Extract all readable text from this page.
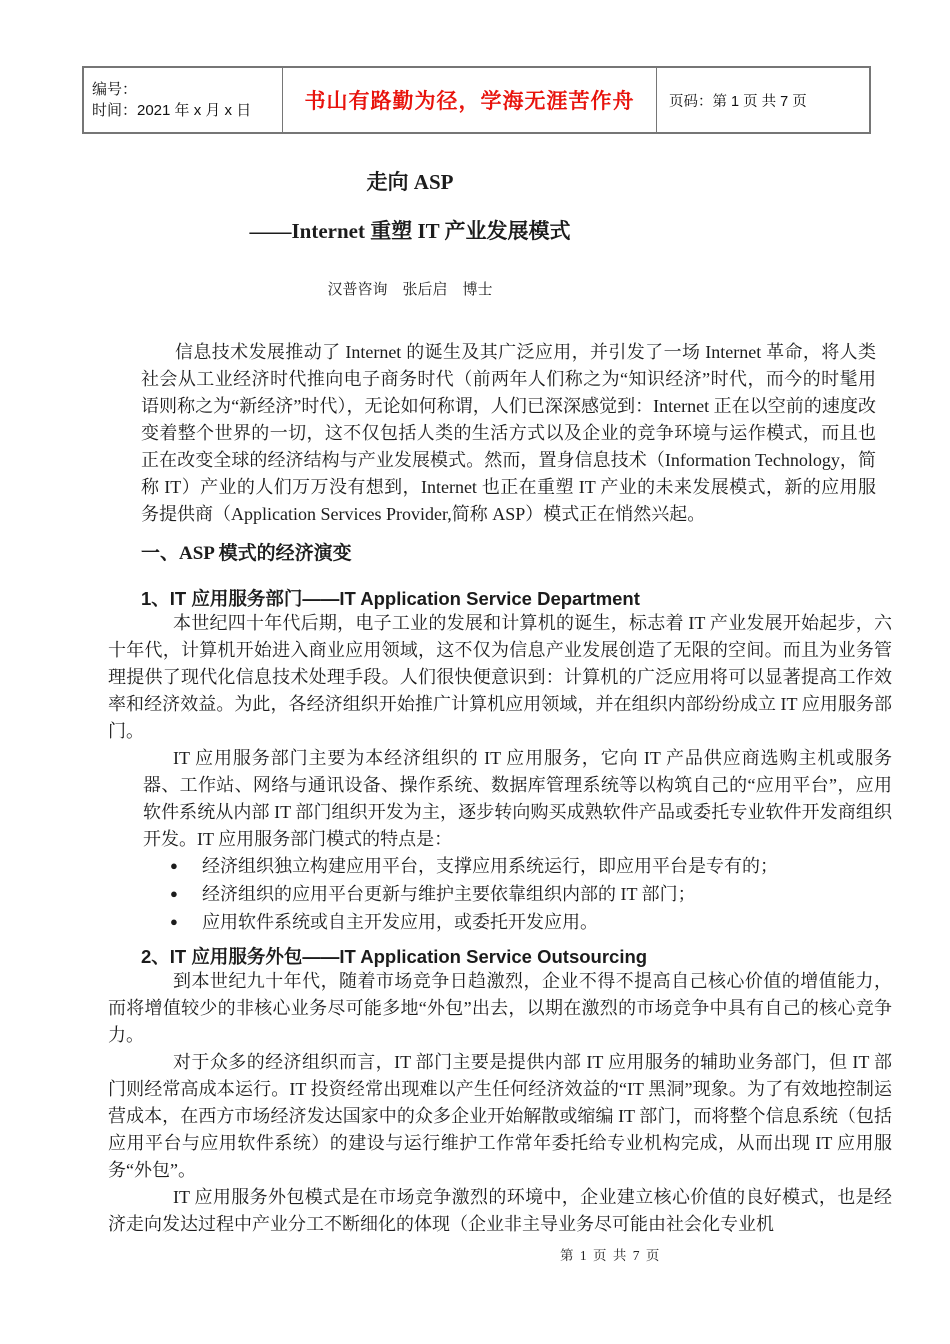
编号：
时间：2021 年 x 月 x 日	书山有路勤为径，学海无涯苦作舟 页码：第 1 页 共 7 页
走向 ASP
——Internet 重塑 IT 产业发展模式
汉普咨询　张后启　博士

信息技术发展推动了 Internet 的诞生及其广泛应用，并引发了一场 Internet 革命，将人类社会从工业经济时代推向电子商务时代（前两年人们称之为“知识经济”时代，而今的时髦用语则称之为“新经济”时代），无论如何称谓，人们已深深感觉到：Internet 正在以空前的速度改变着整个世界的一切，这不仅包括人类的生活方式以及企业的竞争环境与运作模式，而且也正在改变全球的经济结构与产业发展模式。然而，置身信息技术（Information Technology，简称 IT）产业的人们万万没有想到，Internet 也正在重塑 IT 产业的未来发展模式，新的应用服务提供商（Application Services Provider,简称 ASP）模式正在悄然兴起。

一、ASP 模式的经济演变
1、IT 应用服务部门——IT Application Service Department

本世纪四十年代后期，电子工业的发展和计算机的诞生，标志着 IT 产业发展开始起步，六十年代，计算机开始进入商业应用领域，这不仅为信息产业发展创造了无限的空间。而且为业务管理提供了现代化信息技术处理手段。人们很快便意识到：计算机的广泛应用将可以显著提高工作效率和经济效益。为此，各经济组织开始推广计算机应用领域，并在组织内部纷纷成立 IT 应用服务部门。

IT 应用服务部门主要为本经济组织的 IT 应用服务，它向 IT 产品供应商选购主机或服务器、工作站、网络与通讯设备、操作系统、数据库管理系统等以构筑自己的“应用平台”，应用软件系统从内部 IT 部门组织开发为主，逐步转向购买成熟软件产品或委托专业软件开发商组织开发。IT 应用服务部门模式的特点是：

●	经济组织独立构建应用平台，支撑应用系统运行，即应用平台是专有的；
●	经济组织的应用平台更新与维护主要依靠组织内部的 IT 部门；
●	应用软件系统或自主开发应用，或委托开发应用。
2、IT 应用服务外包——IT Application Service Outsourcing

到本世纪九十年代，随着市场竞争日趋激烈，企业不得不提高自己核心价值的增值能力，而将增值较少的非核心业务尽可能多地“外包”出去，以期在激烈的市场竞争中具有自己的核心竞争力。

对于众多的经济组织而言，IT 部门主要是提供内部 IT 应用服务的辅助业务部门，但 IT 部门则经常高成本运行。IT 投资经常出现难以产生任何经济效益的“IT 黑洞”现象。为了有效地控制运营成本，在西方市场经济发达国家中的众多企业开始解散或缩编 IT 部门，而将整个信息系统（包括应用平台与应用软件系统）的建设与运行维护工作常年委托给专业机构完成，从而出现 IT 应用服务“外包”。

IT 应用服务外包模式是在市场竞争激烈的环境中，企业建立核心价值的良好模式，也是经济走向发达过程中产业分工不断细化的体现（企业非主导业务尽可能由社会化专业机

第 1 页 共 7 页
